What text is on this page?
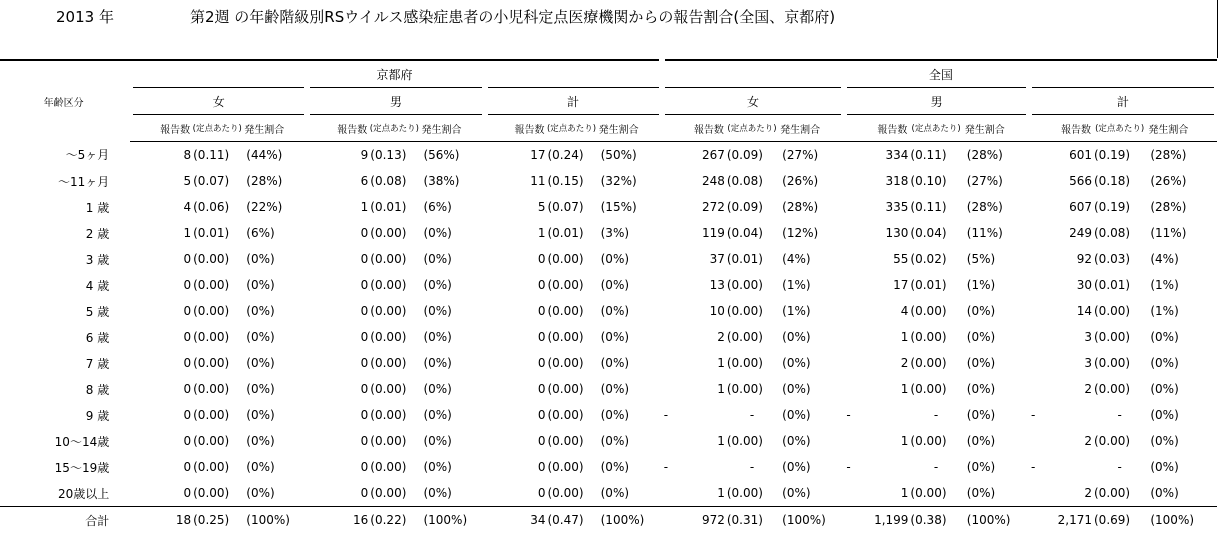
2013 年	第2週 の年齢階級別RSウイルス感染症患者の小児科定点医療機関からの報告割合(全国、京都府)
年齢区分	京都府									全国								
	女			男			計			女			男			計		
	報告数	(定点あたり)	発生割合	報告数	(定点あたり)	発生割合	報告数	(定点あたり)	発生割合	報告数	(定点あたり)	発生割合	報告数	(定点あたり)	発生割合	報告数	(定点あたり)	発生割合
～5ヶ月	8	(0.11)	(44%)	9	(0.13)	(56%)	17	(0.24)	(50%)	267	(0.09)	(27%)	334	(0.11)	(28%)	601	(0.19)	(28%)
～11ヶ月	5	(0.07)	(28%)	6	(0.08)	(38%)	11	(0.15)	(32%)	248	(0.08)	(26%)	318	(0.10)	(27%)	566	(0.18)	(26%)
1 歳	4	(0.06)	(22%)	1	(0.01)	(6%)	5	(0.07)	(15%)	272	(0.09)	(28%)	335	(0.11)	(28%)	607	(0.19)	(28%)
2 歳	1	(0.01)	(6%)	0	(0.00)	(0%)	1	(0.01)	(3%)	119	(0.04)	(12%)	130	(0.04)	(11%)	249	(0.08)	(11%)
3 歳	0	(0.00)	(0%)	0	(0.00)	(0%)	0	(0.00)	(0%)	37	(0.01)	(4%)	55	(0.02)	(5%)	92	(0.03)	(4%)
4 歳	0	(0.00)	(0%)	0	(0.00)	(0%)	0	(0.00)	(0%)	13	(0.00)	(1%)	17	(0.01)	(1%)	30	(0.01)	(1%)
5 歳	0	(0.00)	(0%)	0	(0.00)	(0%)	0	(0.00)	(0%)	10	(0.00)	(1%)	4	(0.00)	(0%)	14	(0.00)	(1%)
6 歳	0	(0.00)	(0%)	0	(0.00)	(0%)	0	(0.00)	(0%)	2	(0.00)	(0%)	1	(0.00)	(0%)	3	(0.00)	(0%)
7 歳	0	(0.00)	(0%)	0	(0.00)	(0%)	0	(0.00)	(0%)	1	(0.00)	(0%)	2	(0.00)	(0%)	3	(0.00)	(0%)
8 歳	0	(0.00)	(0%)	0	(0.00)	(0%)	0	(0.00)	(0%)	1	(0.00)	(0%)	1	(0.00)	(0%)	2	(0.00)	(0%)
9 歳	0	(0.00)	(0%)	0	(0.00)	(0%)	0	(0.00)	(0%)	-	-	(0%)	-	-	(0%)	-	-	(0%)
10～14歳	0	(0.00)	(0%)	0	(0.00)	(0%)	0	(0.00)	(0%)	1	(0.00)	(0%)	1	(0.00)	(0%)	2	(0.00)	(0%)
15～19歳	0	(0.00)	(0%)	0	(0.00)	(0%)	0	(0.00)	(0%)	-	-	(0%)	-	-	(0%)	-	-	(0%)
20歳以上	0	(0.00)	(0%)	0	(0.00)	(0%)	0	(0.00)	(0%)	1	(0.00)	(0%)	1	(0.00)	(0%)	2	(0.00)	(0%)
合計	18	(0.25)	(100%)	16	(0.22)	(100%)	34	(0.47)	(100%)	972	(0.31)	(100%)	1,199	(0.38)	(100%)	2,171	(0.69)	(100%)
